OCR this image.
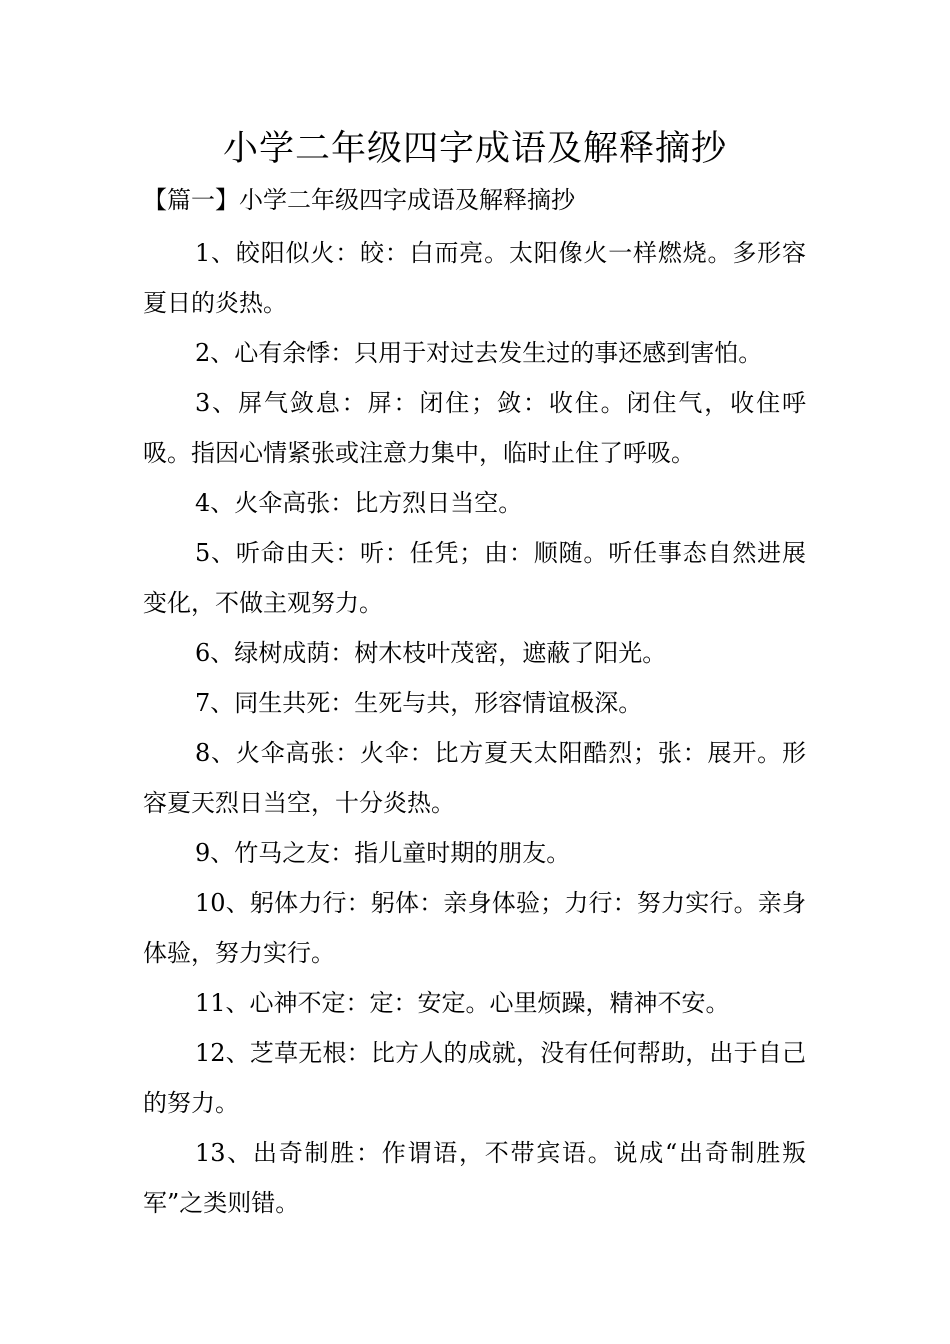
小学二年级四字成语及解释摘抄
【篇一】小学二年级四字成语及解释摘抄

1、皎阳似火：皎：白而亮。太阳像火一样燃烧。多形容夏日的炎热。

2、心有余悸：只用于对过去发生过的事还感到害怕。

3、屏气敛息：屏：闭住；敛：收住。闭住气，收住呼吸。指因心情紧张或注意力集中，临时止住了呼吸。

4、火伞高张：比方烈日当空。

5、听命由天：听：任凭；由：顺随。听任事态自然进展变化，不做主观努力。

6、绿树成荫：树木枝叶茂密，遮蔽了阳光。

7、同生共死：生死与共，形容情谊极深。

8、火伞高张：火伞：比方夏天太阳酷烈；张：展开。形容夏天烈日当空，十分炎热。

9、竹马之友：指儿童时期的朋友。

10、躬体力行：躬体：亲身体验；力行：努力实行。亲身体验，努力实行。

11、心神不定：定：安定。心里烦躁，精神不安。

12、芝草无根：比方人的成就，没有任何帮助，出于自己的努力。

13、出奇制胜：作谓语，不带宾语。说成“出奇制胜叛军”之类则错。
